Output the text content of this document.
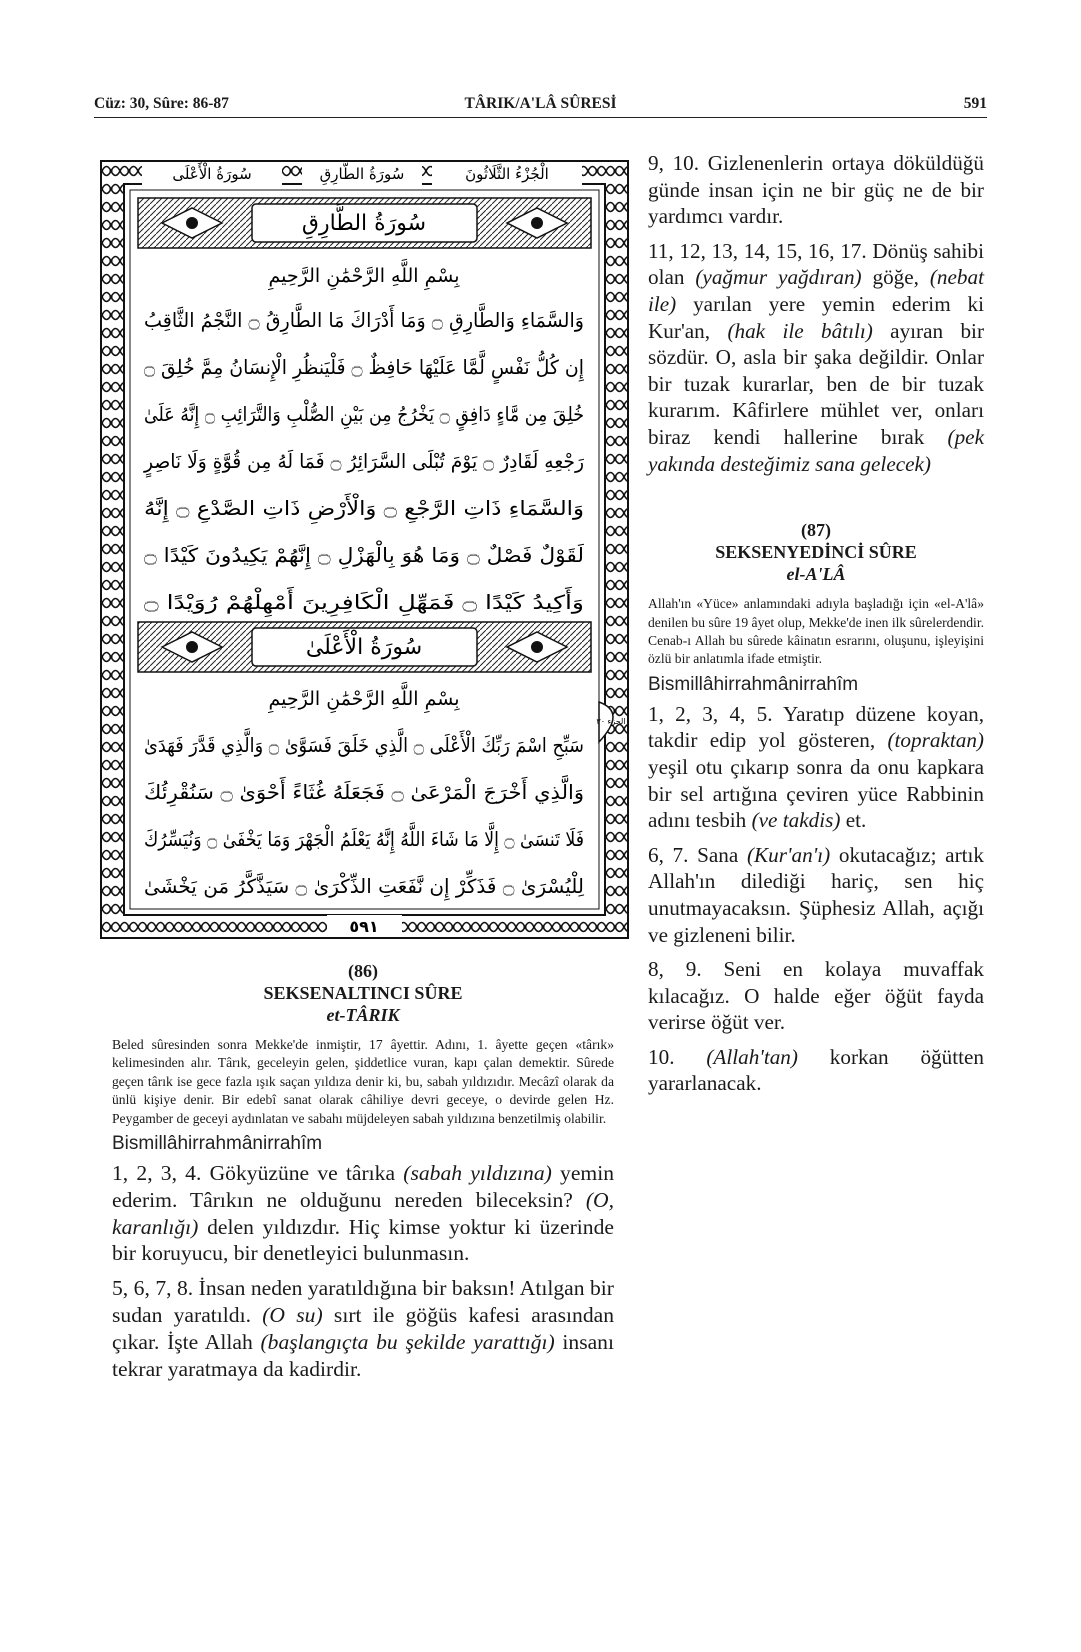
Cüz: 30, Sûre: 86-87	TÂRIK/A'LÂ SÛRESİ	591
سُورَةُ الْأَعْلَى	سُورَةُ الطَّارِقِ	الْجُزْءُ الثَّلَاثُونَ
سُورَةُ الطَّارِقِ
بِسْمِ اللَّهِ الرَّحْمَٰنِ الرَّحِيمِ
وَالسَّمَاءِ وَالطَّارِقِ ۝ وَمَا أَدْرَاكَ مَا الطَّارِقُ ۝ النَّجْمُ الثَّاقِبُ
إِن كُلُّ نَفْسٍ لَّمَّا عَلَيْهَا حَافِظٌ ۝ فَلْيَنظُرِ الْإِنسَانُ مِمَّ خُلِقَ ۝
خُلِقَ مِن مَّاءٍ دَافِقٍ ۝ يَخْرُجُ مِن بَيْنِ الصُّلْبِ وَالتَّرَائِبِ ۝ إِنَّهُ عَلَىٰ
رَجْعِهِ لَقَادِرٌ ۝ يَوْمَ تُبْلَى السَّرَائِرُ ۝ فَمَا لَهُ مِن قُوَّةٍ وَلَا نَاصِرٍ
وَالسَّمَاءِ ذَاتِ الرَّجْعِ ۝ وَالْأَرْضِ ذَاتِ الصَّدْعِ ۝ إِنَّهُ
لَقَوْلٌ فَصْلٌ ۝ وَمَا هُوَ بِالْهَزْلِ ۝ إِنَّهُمْ يَكِيدُونَ كَيْدًا ۝
وَأَكِيدُ كَيْدًا ۝ فَمَهِّلِ الْكَافِرِينَ أَمْهِلْهُمْ رُوَيْدًا ۝
سُورَةُ الْأَعْلَىٰ
بِسْمِ اللَّهِ الرَّحْمَٰنِ الرَّحِيمِ
سَبِّحِ اسْمَ رَبِّكَ الْأَعْلَى ۝ الَّذِي خَلَقَ فَسَوَّىٰ ۝ وَالَّذِي قَدَّرَ فَهَدَىٰ
وَالَّذِي أَخْرَجَ الْمَرْعَىٰ ۝ فَجَعَلَهُ غُثَاءً أَحْوَىٰ ۝ سَنُقْرِئُكَ
فَلَا تَنسَىٰ ۝ إِلَّا مَا شَاءَ اللَّهُ إِنَّهُ يَعْلَمُ الْجَهْرَ وَمَا يَخْفَىٰ ۝ وَنُيَسِّرُكَ
لِلْيُسْرَىٰ ۝ فَذَكِّرْ إِن نَّفَعَتِ الذِّكْرَىٰ ۝ سَيَذَّكَّرُ مَن يَخْشَىٰ
الجزء ٣٠
٥٩١

(86)

SEKSENALTINCI SÛRE

et-TÂRIK

Beled sûresinden sonra Mekke'de inmiştir, 17 âyettir. Adını, 1. âyette geçen «târık» kelimesinden alır. Târık, geceleyin gelen, şiddetlice vuran, kapı çalan demektir. Sûrede geçen târık ise gece fazla ışık saçan yıldıza denir ki, bu, sabah yıldızıdır. Mecâzî olarak da ünlü kişiye denir. Bir edebî sanat olarak câhiliye devri geceye, o devirde gelen Hz. Peygamber de geceyi aydınlatan ve sabahı müjdeleyen sabah yıldızına benzetilmiş olabilir.

Bismillâhirrahmânirrahîm

1, 2, 3, 4. Gökyüzüne ve târıka (sabah yıldızına) yemin ederim. Târıkın ne olduğunu nereden bileceksin? (O, karanlığı) delen yıldızdır. Hiç kimse yoktur ki üzerinde bir koruyucu, bir denetleyici bulunmasın.

5, 6, 7, 8. İnsan neden yaratıldığına bir baksın! Atılgan bir sudan yaratıldı. (O su) sırt ile göğüs kafesi arasından çıkar. İşte Allah (başlangıçta bu şekilde yarattığı) insanı tekrar yaratmaya da kadirdir.

9, 10. Gizlenenlerin ortaya döküldüğü günde insan için ne bir güç ne de bir yardımcı vardır.

11, 12, 13, 14, 15, 16, 17. Dönüş sahibi olan (yağmur yağdıran) göğe, (nebat ile) yarılan yere yemin ederim ki Kur'an, (hak ile bâtılı) ayıran bir sözdür. O, asla bir şaka değildir. Onlar bir tuzak kurarlar, ben de bir tuzak kurarım. Kâfirlere mühlet ver, onları biraz kendi hallerine bırak (pek yakında desteğimiz sana gelecek)

(87)

SEKSENYEDİNCİ SÛRE

el-A'LÂ

Allah'ın «Yüce» anlamındaki adıyla başladığı için «el-A'lâ» denilen bu sûre 19 âyet olup, Mekke'de inen ilk sûrelerdendir. Cenab-ı Allah bu sûrede kâinatın esrarını, oluşunu, işleyişini özlü bir anlatımla ifade etmiştir.

Bismillâhirrahmânirrahîm

1, 2, 3, 4, 5. Yaratıp düzene koyan, takdir edip yol gösteren, (topraktan) yeşil otu çıkarıp sonra da onu kapkara bir sel artığına çeviren yüce Rabbinin adını tesbih (ve takdis) et.

6, 7. Sana (Kur'an'ı) okutacağız; artık Allah'ın dilediği hariç, sen hiç unutmayacaksın. Şüphesiz Allah, açığı ve gizleneni bilir.

8, 9. Seni en kolaya muvaffak kılacağız. O halde eğer öğüt fayda verirse öğüt ver.

10. (Allah'tan) korkan öğütten yararlanacak.
